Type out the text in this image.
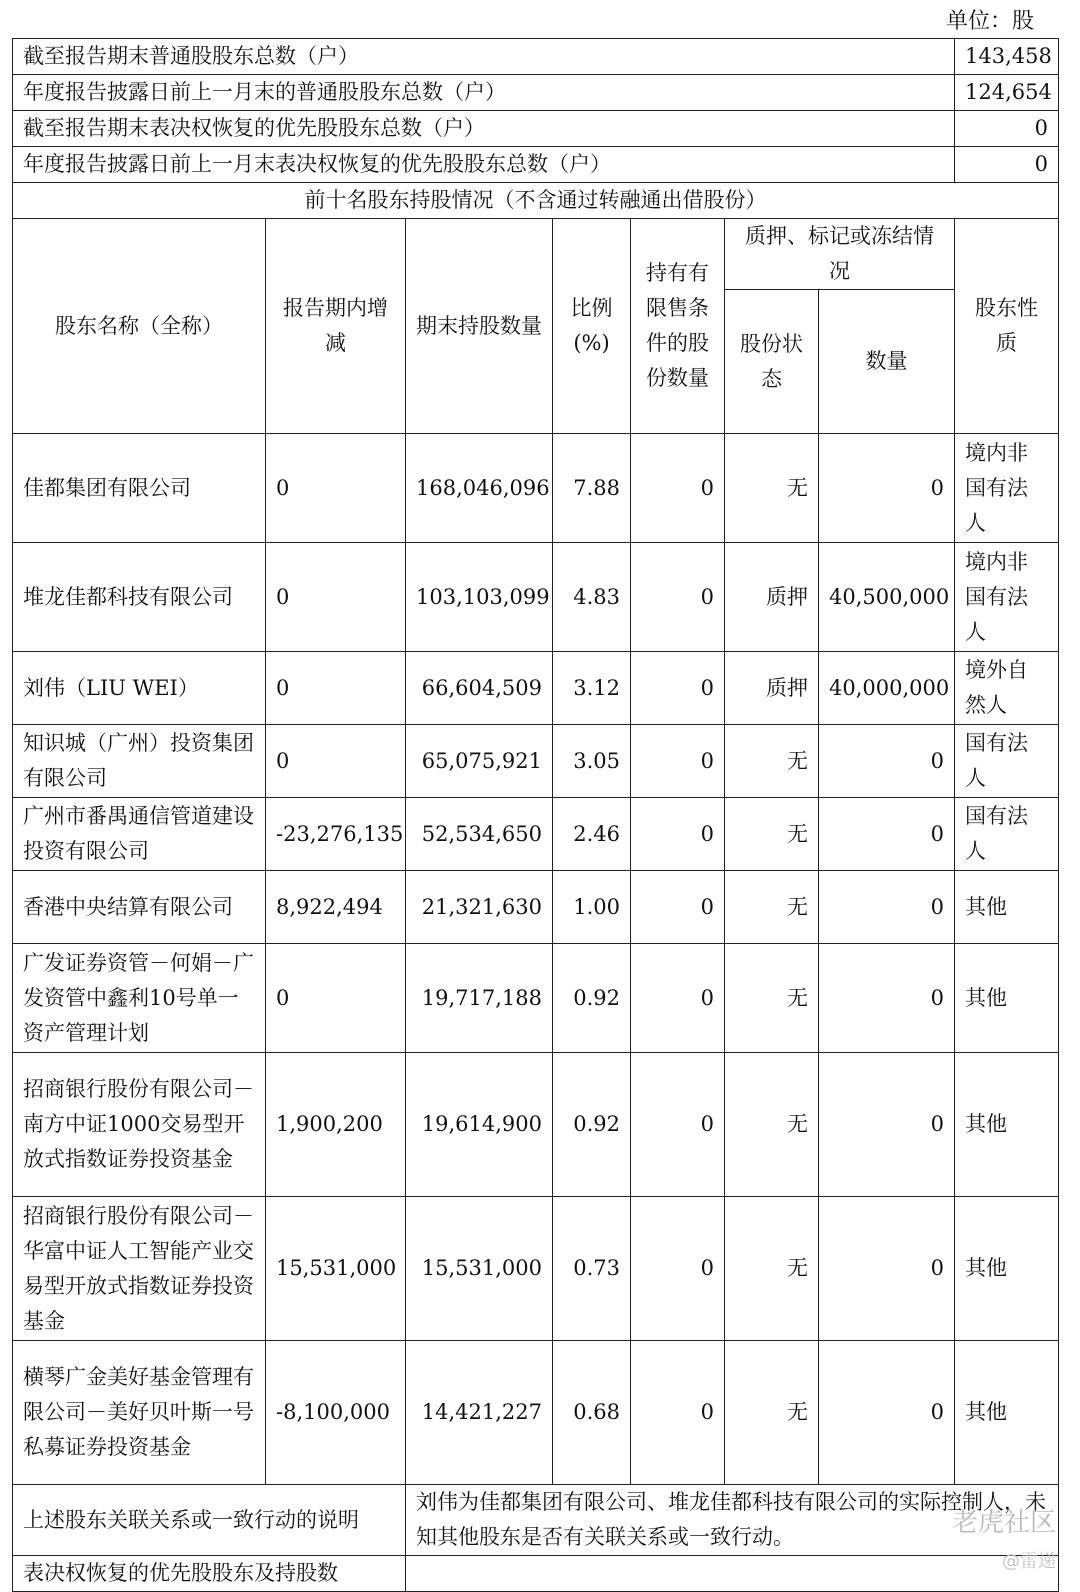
单位：股
截至报告期末普通股股东总数（户）							143,458
年度报告披露日前上一月末的普通股股东总数（户）							124,654
截至报告期末表决权恢复的优先股股东总数（户）							0
年度报告披露日前上一月末表决权恢复的优先股股东总数（户）							0
前十名股东持股情况（不含通过转融通出借股份）							
股东名称（全称）	报告期内增减	期末持股数量	比例(%)	持有有限售条件的股份数量	质押、标记或冻结情况		股东性质
					股份状态	数量	
佳都集团有限公司	0	168,046,096	7.88	0	无	0	境内非国有法人
堆龙佳都科技有限公司	0	103,103,099	4.83	0	质押	40,500,000	境内非国有法人
刘伟（LIU WEI）	0	66,604,509	3.12	0	质押	40,000,000	境外自然人
知识城（广州）投资集团有限公司	0	65,075,921	3.05	0	无	0	国有法人
广州市番禺通信管道建设投资有限公司	-23,276,135	52,534,650	2.46	0	无	0	国有法人
香港中央结算有限公司	8,922,494	21,321,630	1.00	0	无	0	其他
广发证券资管－何娟－广发资管中鑫利10号单一资产管理计划	0	19,717,188	0.92	0	无	0	其他
招商银行股份有限公司－南方中证1000交易型开放式指数证券投资基金	1,900,200	19,614,900	0.92	0	无	0	其他
招商银行股份有限公司－华富中证人工智能产业交易型开放式指数证券投资基金	15,531,000	15,531,000	0.73	0	无	0	其他
横琴广金美好基金管理有限公司－美好贝叶斯一号私募证券投资基金	-8,100,000	14,421,227	0.68	0	无	0	其他
上述股东关联关系或一致行动的说明		刘伟为佳都集团有限公司、堆龙佳都科技有限公司的实际控制人，未知其他股东是否有关联关系或一致行动。					
表决权恢复的优先股股东及持股数							
老虎社区
@雷递
